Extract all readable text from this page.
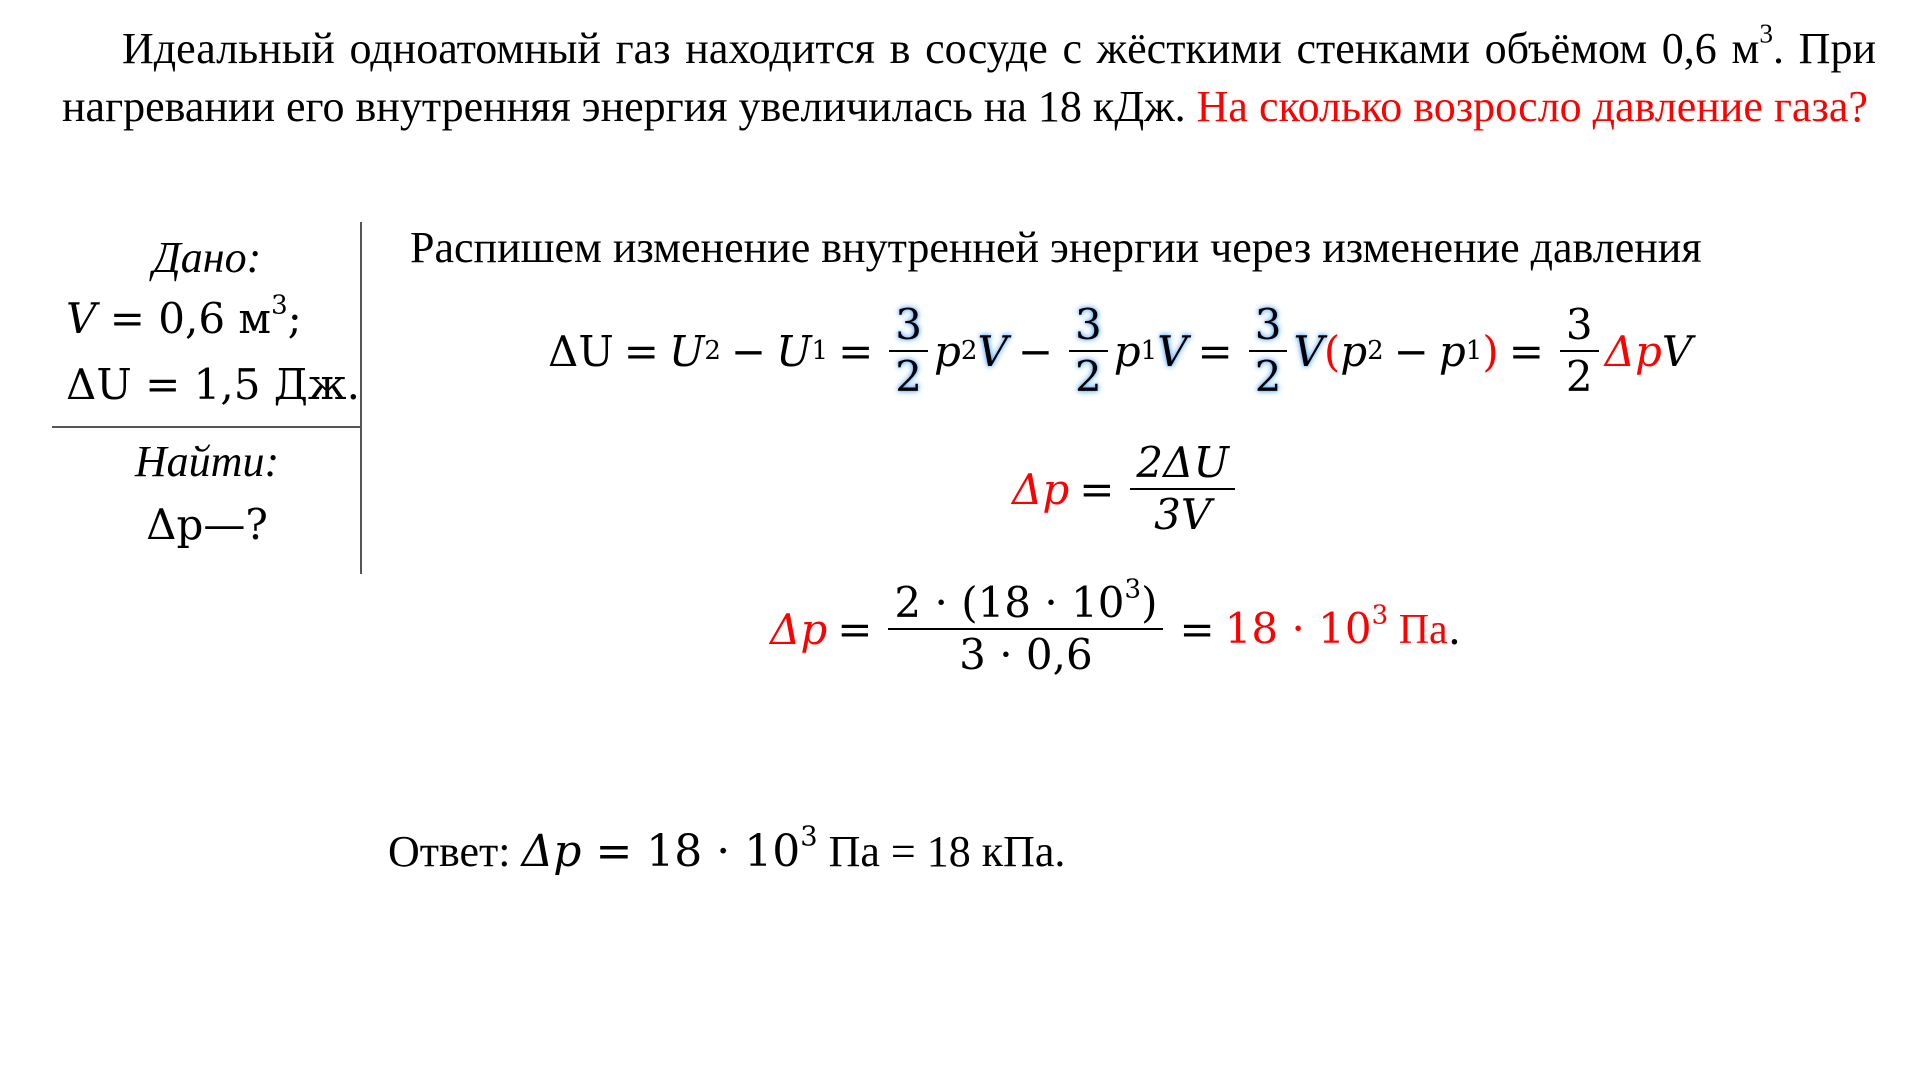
Идеальный одноатомный газ находится в сосуде с жёсткими стенками объёмом 0,6 $м^3$. При нагревании его внутренняя энергия увеличилась на 18 кДж. На сколько возросло давление газа?
Дано:
V = 0,6 $м^3$;
ΔU = 1,5 Дж.
Найти:
Δp—?
Распишем изменение внутренней энергии через изменение давления
ΔU = U 2 − U $1 = \frac{3}{2}$ p 2 $V - \frac{3}{2}$ p 1 $V = \frac{3}{2}$ V ( p 2 − p 1 ) = $\frac{3}{2}$ Δp V
$\Delta p = \frac{2\Delta U}{3V}$
$\Delta p = \frac{2 \cdot (18 \cdot 10^3)}{3 \cdot 0,6} = 18 \cdot 10^3$ Па .
Ответ: $\Delta p = 18 \cdot 10^3$ Па = 18 кПа.
